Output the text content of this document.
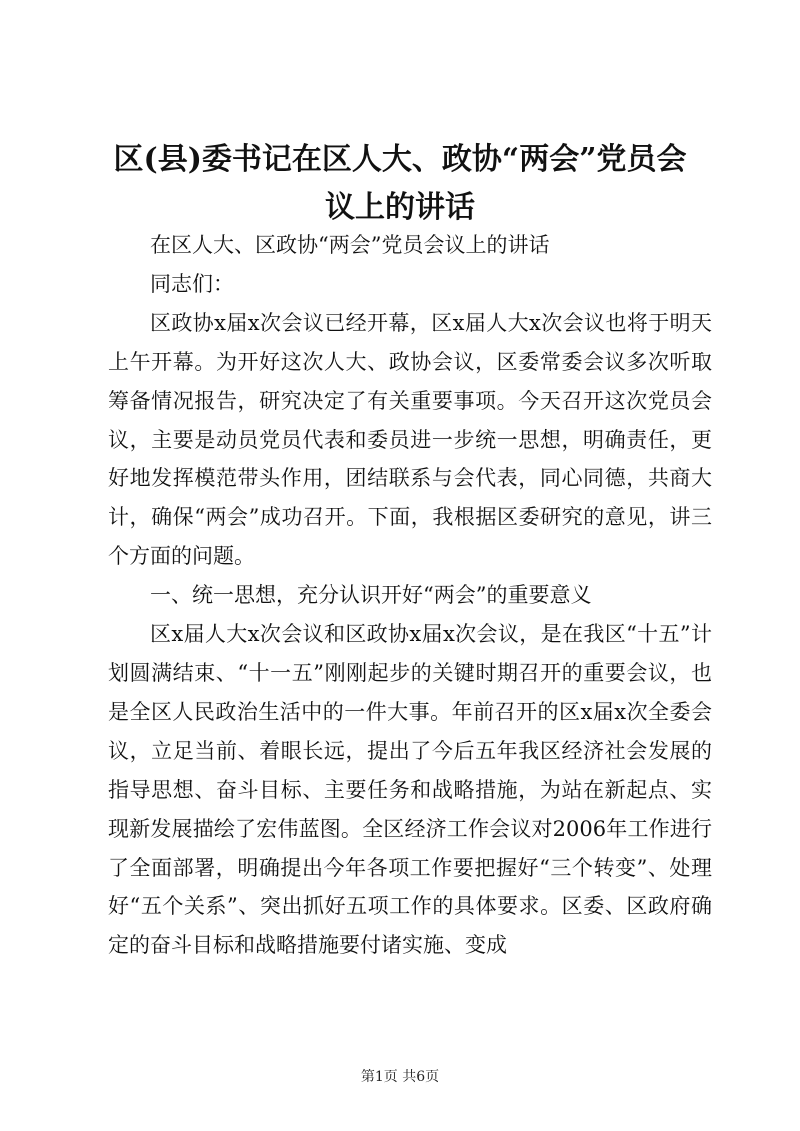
区(县)委书记在区人大、政协“两会”党员会议上的讲话

在区人大、区政协“两会”党员会议上的讲话

同志们：

区政协x届x次会议已经开幕，区x届人大x次会议也将于明天上午开幕。为开好这次人大、政协会议，区委常委会议多次听取筹备情况报告，研究决定了有关重要事项。今天召开这次党员会议，主要是动员党员代表和委员进一步统一思想，明确责任，更好地发挥模范带头作用，团结联系与会代表，同心同德，共商大计，确保“两会”成功召开。下面，我根据区委研究的意见，讲三个方面的问题。

一、统一思想，充分认识开好“两会”的重要意义

区x届人大x次会议和区政协x届x次会议，是在我区“十五”计划圆满结束、“十一五”刚刚起步的关键时期召开的重要会议，也是全区人民政治生活中的一件大事。年前召开的区x届x次全委会议，立足当前、着眼长远，提出了今后五年我区经济社会发展的指导思想、奋斗目标、主要任务和战略措施，为站在新起点、实现新发展描绘了宏伟蓝图。全区经济工作会议对2006年工作进行了全面部署，明确提出今年各项工作要把握好“三个转变”、处理好“五个关系”、突出抓好五项工作的具体要求。区委、区政府确定的奋斗目标和战略措施要付诸实施、变成

第1页 共6页
